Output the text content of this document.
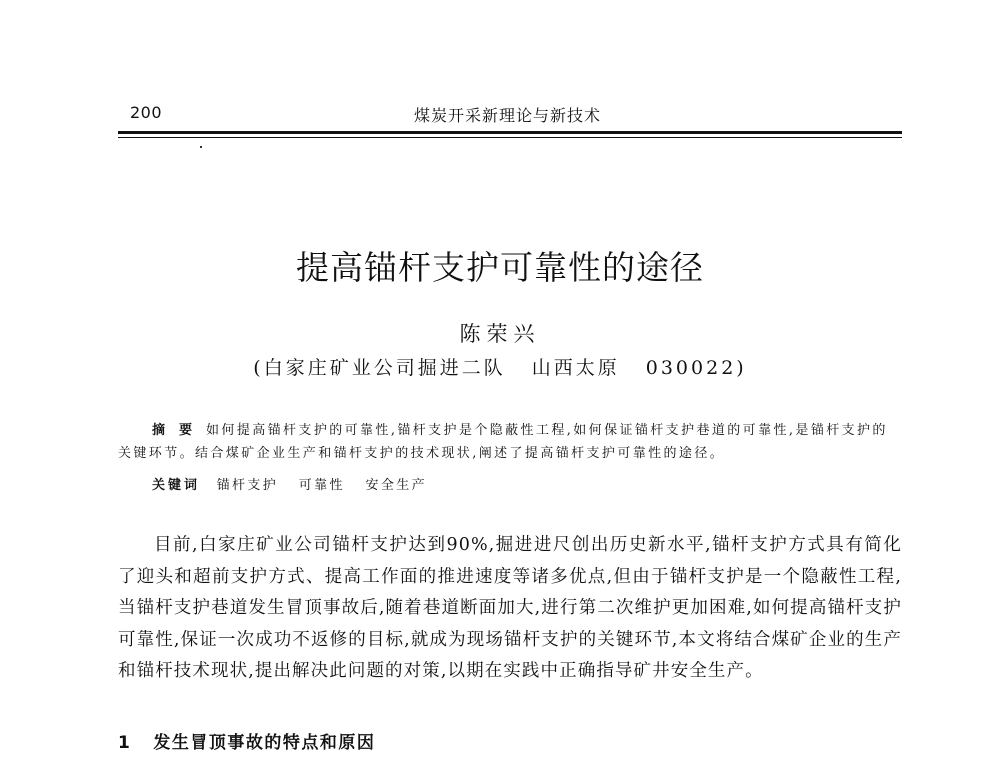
200	煤炭开采新理论与新技术
提高锚杆支护可靠性的途径
陈荣兴
(白家庄矿业公司掘进二队 山西太原 030022)
摘要如何提高锚杆支护的可靠性,锚杆支护是个隐蔽性工程,如何保证锚杆支护巷道的可靠性,是锚杆支护的关键环节。结合煤矿企业生产和锚杆支护的技术现状,阐述了提高锚杆支护可靠性的途径。
关键词 锚杆支护 可靠性 安全生产
目前,白家庄矿业公司锚杆支护达到90%,掘进进尺创出历史新水平,锚杆支护方式具有简化了迎头和超前支护方式、提高工作面的推进速度等诸多优点,但由于锚杆支护是一个隐蔽性工程,当锚杆支护巷道发生冒顶事故后,随着巷道断面加大,进行第二次维护更加困难,如何提高锚杆支护可靠性,保证一次成功不返修的目标,就成为现场锚杆支护的关键环节,本文将结合煤矿企业的生产和锚杆技术现状,提出解决此问题的对策,以期在实践中正确指导矿井安全生产。
1 发生冒顶事故的特点和原因
